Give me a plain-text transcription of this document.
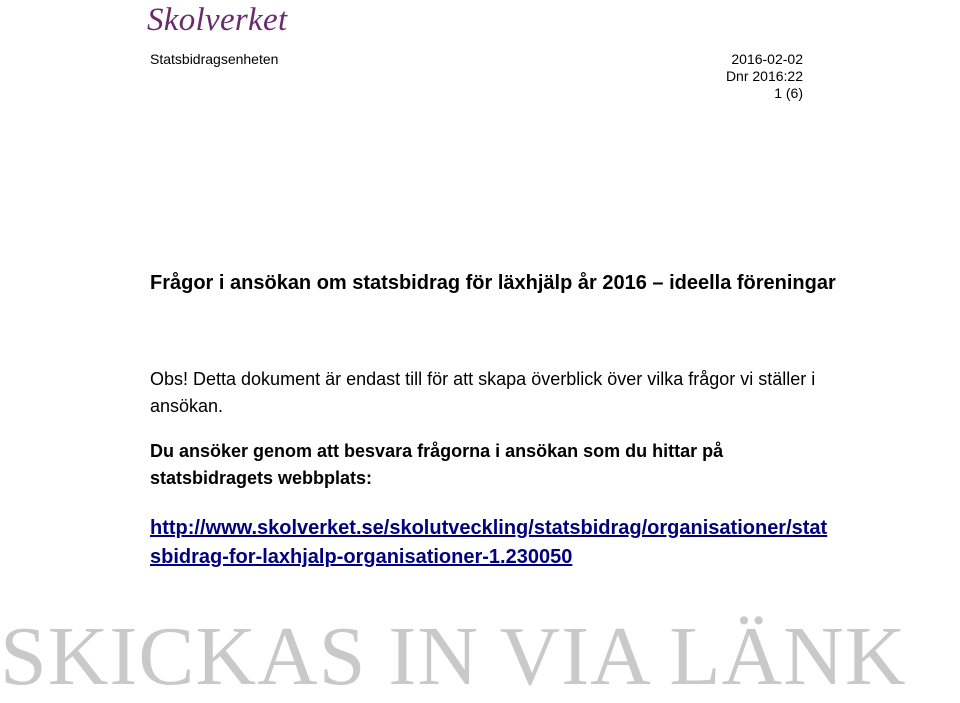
Skolverket
Statsbidragsenheten	2016-02-02
Dnr 2016:22
1 (6)
Frågor i ansökan om statsbidrag för läxhjälp år 2016 – ideella föreningar
Obs! Detta dokument är endast till för att skapa överblick över vilka frågor vi ställer i ansökan.
Du ansöker genom att besvara frågorna i ansökan som du hittar på statsbidragets webbplats:
http://www.skolverket.se/skolutveckling/statsbidrag/organisationer/statsbidrag-for-laxhjalp-organisationer-1.230050
SKICKAS IN VIA LÄNK
